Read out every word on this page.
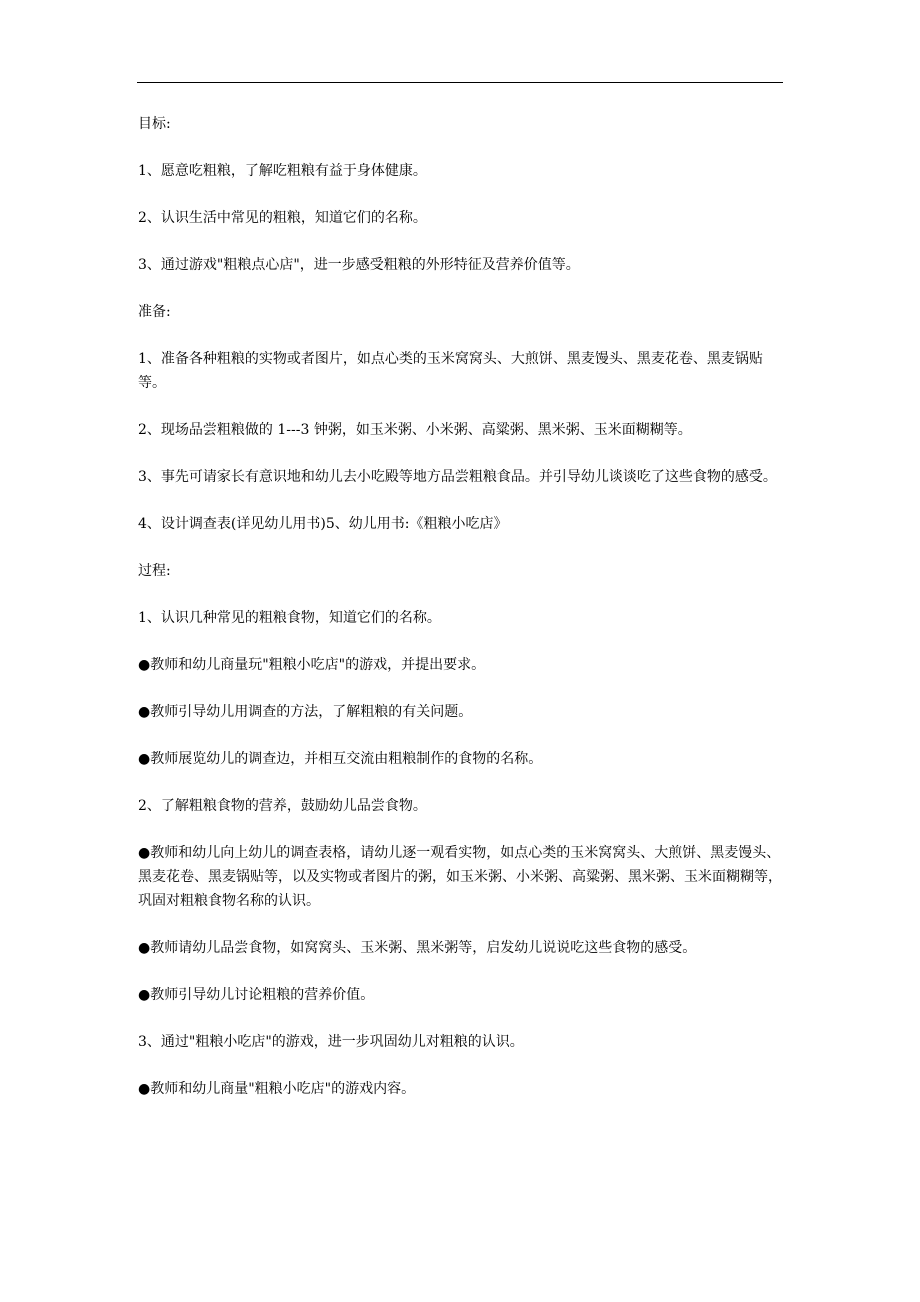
目标:

1、愿意吃粗粮，了解吃粗粮有益于身体健康。

2、认识生活中常见的粗粮，知道它们的名称。

3、通过游戏"粗粮点心店"，进一步感受粗粮的外形特征及营养价值等。

准备:

1、准备各种粗粮的实物或者图片，如点心类的玉米窝窝头、大煎饼、黑麦馒头、黑麦花卷、黑麦锅贴等。

2、现场品尝粗粮做的 1---3 钟粥，如玉米粥、小米粥、高粱粥、黑米粥、玉米面糊糊等。

3、事先可请家长有意识地和幼儿去小吃殿等地方品尝粗粮食品。并引导幼儿谈谈吃了这些食物的感受。

4、设计调查表(详见幼儿用书)5、幼儿用书:《粗粮小吃店》

过程:

1、认识几种常见的粗粮食物，知道它们的名称。

●教师和幼儿商量玩"粗粮小吃店"的游戏，并提出要求。

●教师引导幼儿用调查的方法，了解粗粮的有关问题。

●教师展览幼儿的调查边，并相互交流由粗粮制作的食物的名称。

2、了解粗粮食物的营养，鼓励幼儿品尝食物。

●教师和幼儿向上幼儿的调查表格，请幼儿逐一观看实物，如点心类的玉米窝窝头、大煎饼、黑麦馒头、黑麦花卷、黑麦锅贴等，以及实物或者图片的粥，如玉米粥、小米粥、高粱粥、黑米粥、玉米面糊糊等，巩固对粗粮食物名称的认识。

●教师请幼儿品尝食物，如窝窝头、玉米粥、黑米粥等，启发幼儿说说吃这些食物的感受。

●教师引导幼儿讨论粗粮的营养价值。

3、通过"粗粮小吃店"的游戏，进一步巩固幼儿对粗粮的认识。

●教师和幼儿商量"粗粮小吃店"的游戏内容。
